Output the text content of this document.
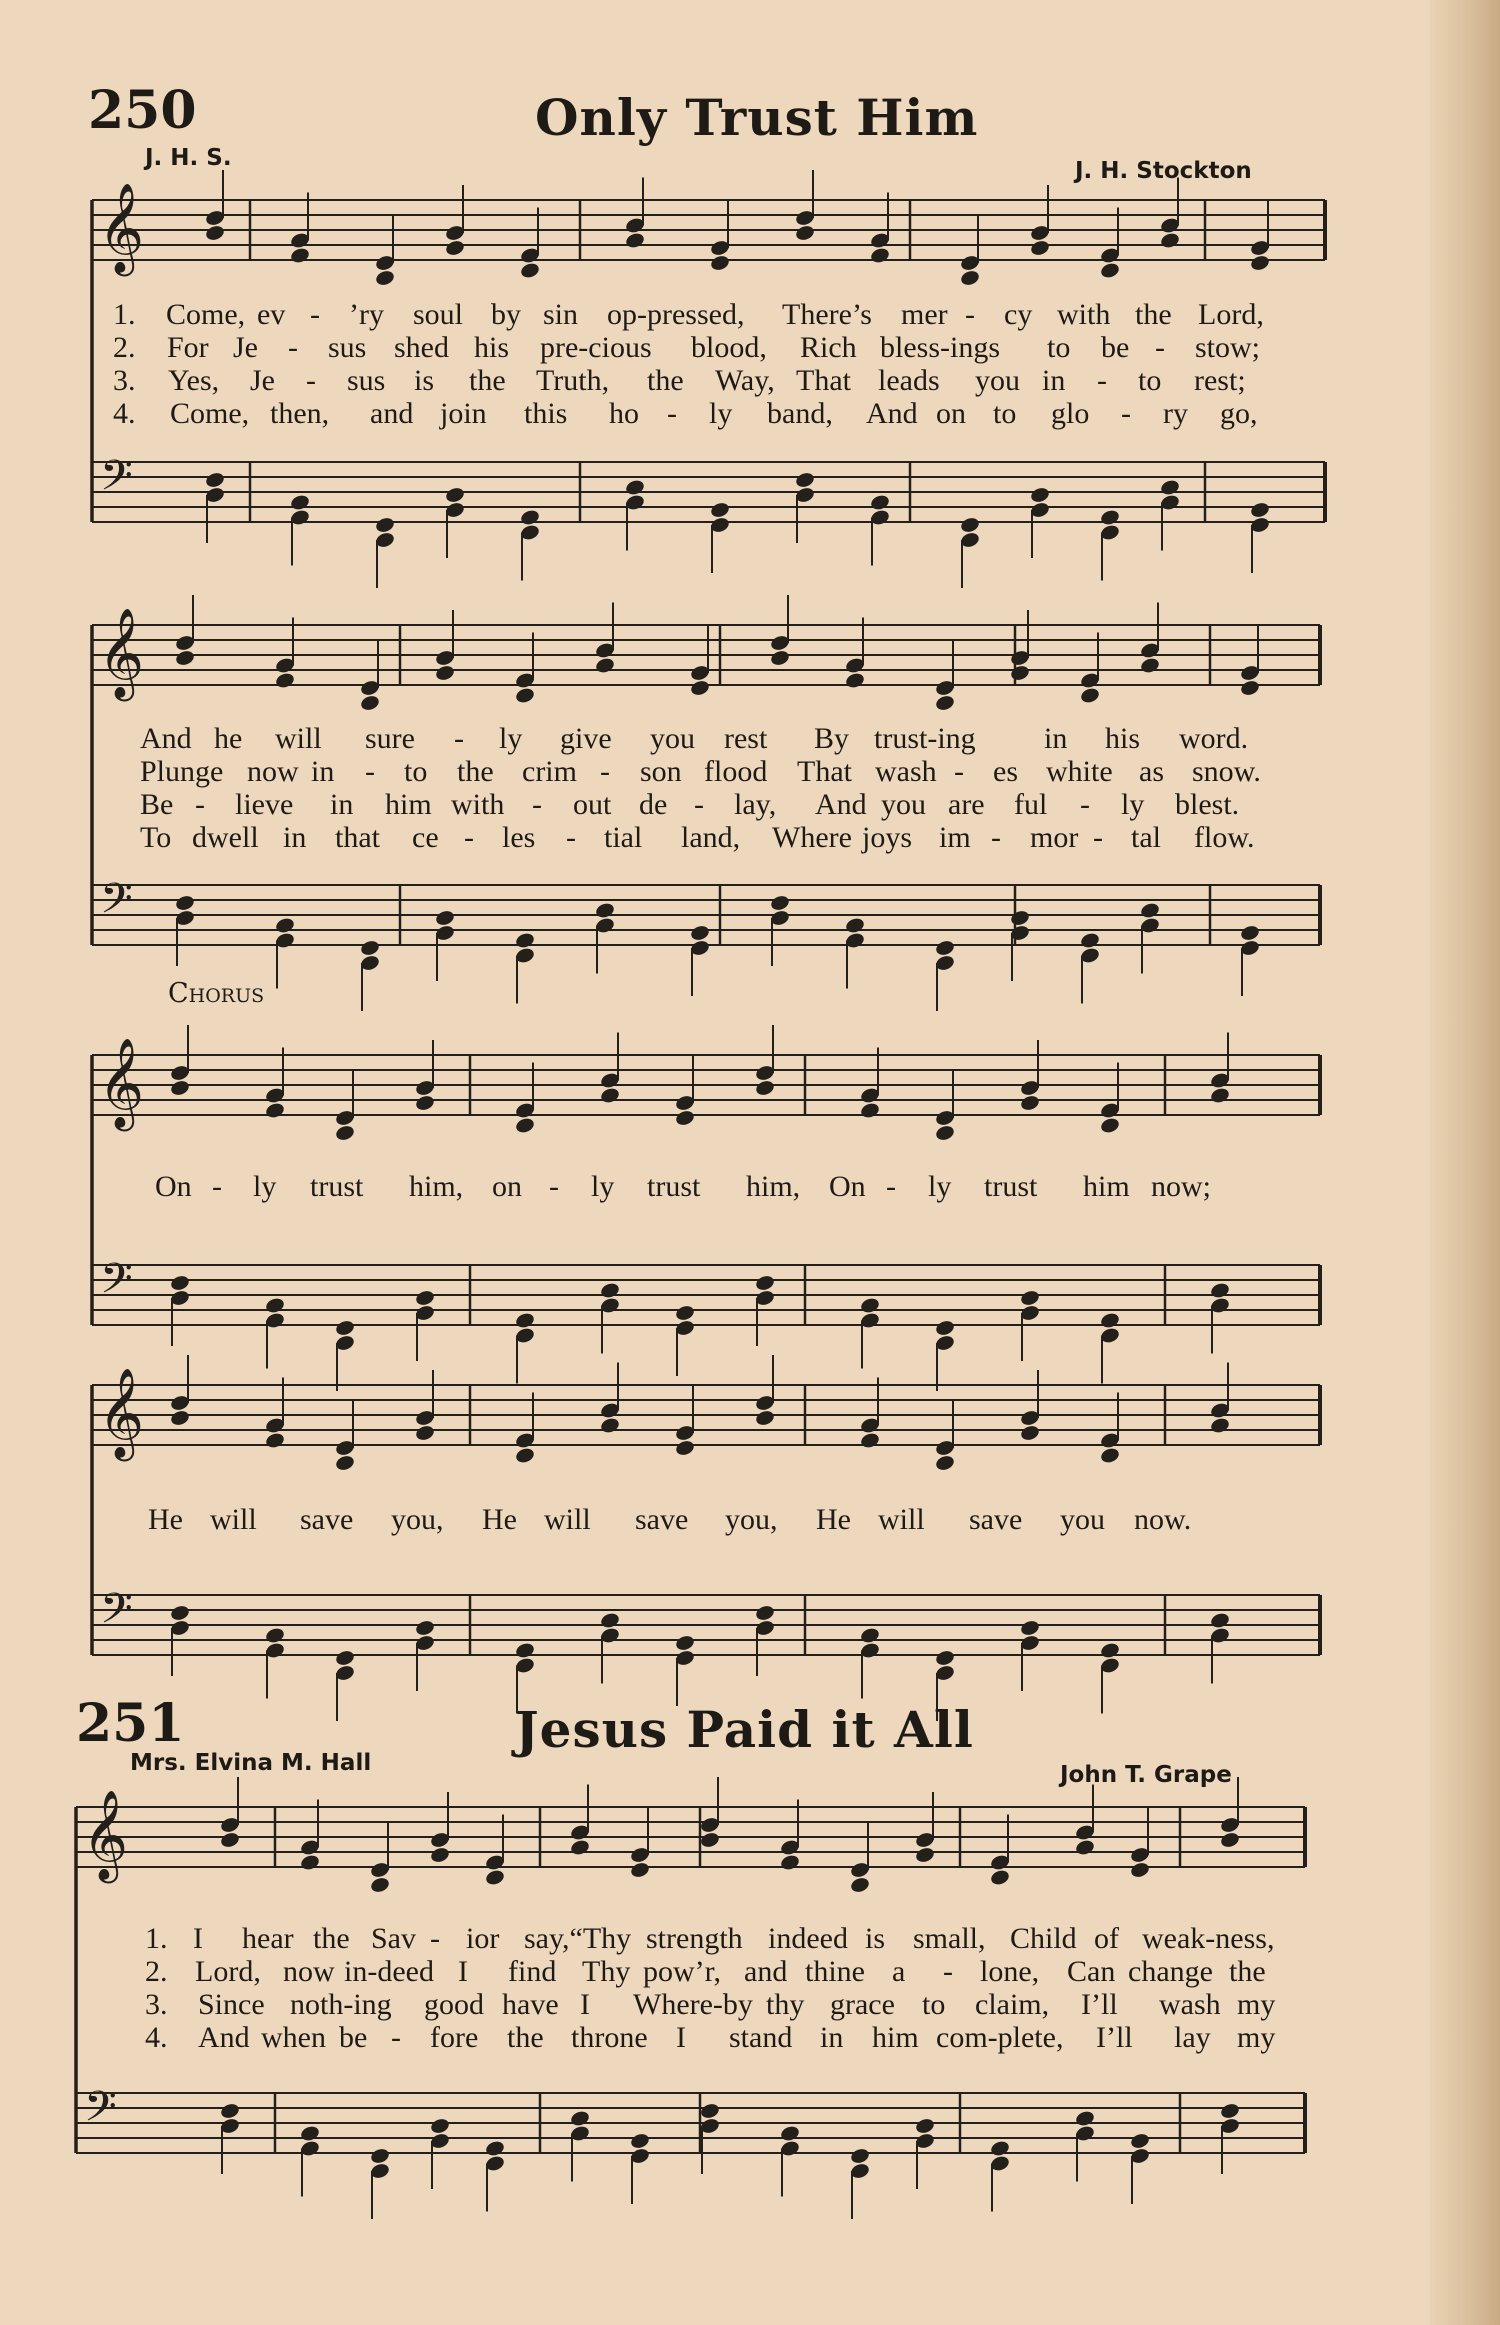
250	Only Trust Him
J. H. S.	J. H. Stockton
1. Come, ev - ’ry soul by sin op-pressed, There’s mer - cy with the Lord,
2. For Je - sus shed his pre-cious blood, Rich bless-ings to be - stow;
3. Yes, Je - sus is the Truth, the Way, That leads you in - to rest;
4. Come, then, and join this ho - ly band, And on to glo - ry go,
And he will sure - ly give you rest By trust-ing in his word.
Plunge now in - to the crim - son flood That wash - es white as snow.
Be - lieve in him with - out de - lay, And you are ful - ly blest.
To dwell in that ce - les - tial land, Where joys im - mor - tal flow.
Chorus
On - ly trust him, on - ly trust him, On - ly trust him now;
He will save you, He will save you, He will save you now.
251	Jesus Paid it All
Mrs. Elvina M. Hall	John T. Grape
1. I hear the Sav - ior say,“Thy strength indeed is small, Child of weak-ness,
2. Lord, now in-deed I find Thy pow’r, and thine a - lone, Can change the
3. Since noth-ing good have I Where-by thy grace to claim, I’ll wash my
4. And when be - fore the throne I stand in him com-plete, I’ll lay my
𝄞
𝄢
𝄞
𝄢
𝄞
𝄢
𝄞
𝄢
𝄞
𝄢
